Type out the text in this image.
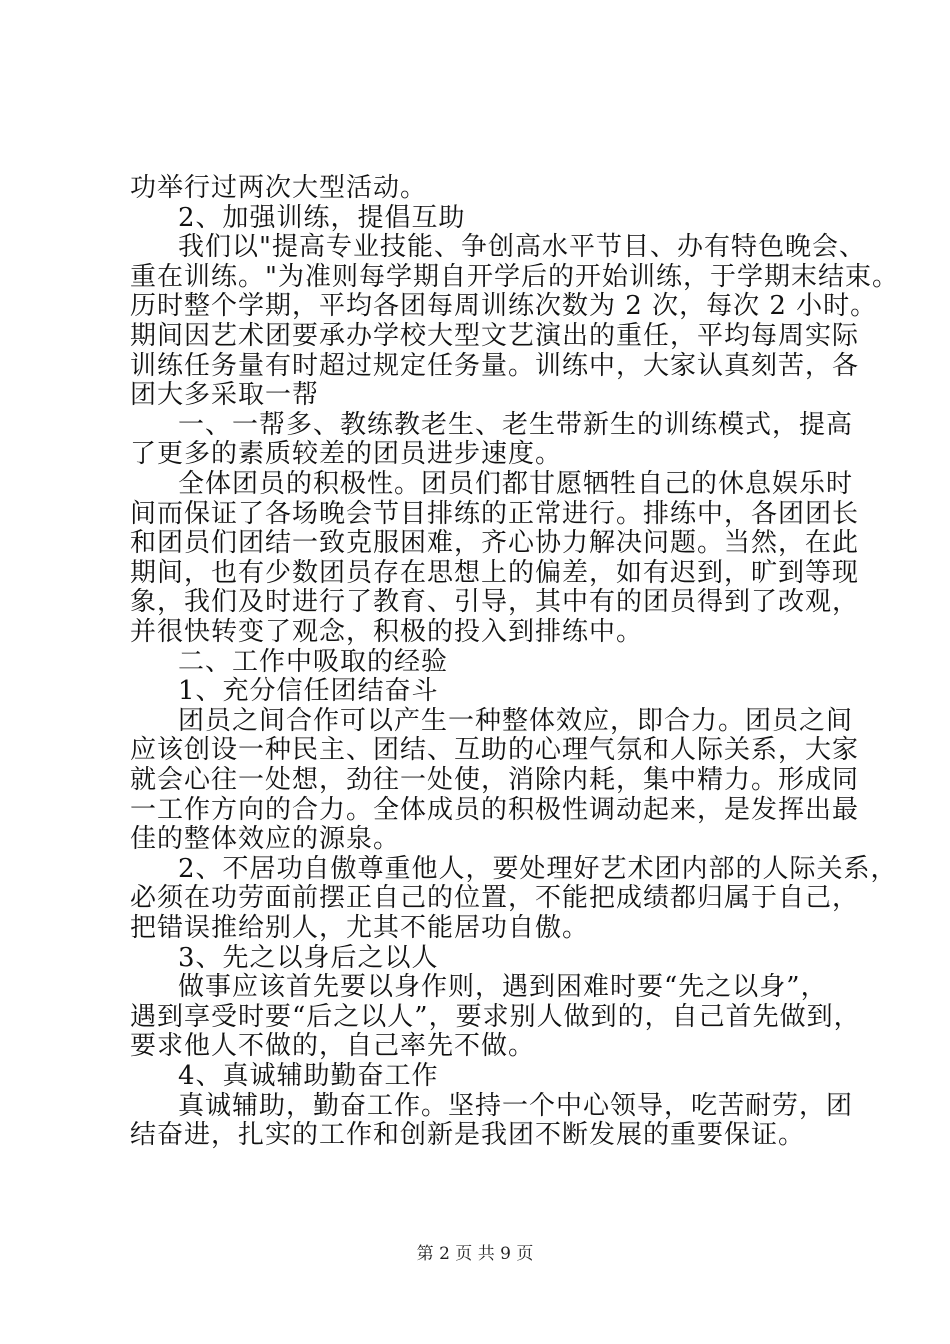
功举行过两次大型活动。
2、加强训练，提倡互助
我们以"提高专业技能、争创高水平节目、办有特色晚会、
重在训练。"为准则每学期自开学后的开始训练，于学期末结束。
历时整个学期，平均各团每周训练次数为 2 次，每次 2 小时。
期间因艺术团要承办学校大型文艺演出的重任，平均每周实际
训练任务量有时超过规定任务量。训练中，大家认真刻苦，各
团大多采取一帮
一、一帮多、教练教老生、老生带新生的训练模式，提高
了更多的素质较差的团员进步速度。
全体团员的积极性。团员们都甘愿牺牲自己的休息娱乐时
间而保证了各场晚会节目排练的正常进行。排练中，各团团长
和团员们团结一致克服困难，齐心协力解决问题。当然，在此
期间，也有少数团员存在思想上的偏差，如有迟到，旷到等现
象，我们及时进行了教育、引导，其中有的团员得到了改观，
并很快转变了观念，积极的投入到排练中。
二、工作中吸取的经验
1、充分信任团结奋斗
团员之间合作可以产生一种整体效应，即合力。团员之间
应该创设一种民主、团结、互助的心理气氛和人际关系，大家
就会心往一处想，劲往一处使，消除内耗，集中精力。形成同
一工作方向的合力。全体成员的积极性调动起来，是发挥出最
佳的整体效应的源泉。
2、不居功自傲尊重他人，要处理好艺术团内部的人际关系，
必须在功劳面前摆正自己的位置，不能把成绩都归属于自己，
把错误推给别人，尤其不能居功自傲。
3、先之以身后之以人
做事应该首先要以身作则，遇到困难时要“先之以身”，
遇到享受时要“后之以人”，要求别人做到的，自己首先做到，
要求他人不做的，自己率先不做。
4、真诚辅助勤奋工作
真诚辅助，勤奋工作。坚持一个中心领导，吃苦耐劳，团
结奋进，扎实的工作和创新是我团不断发展的重要保证。
第 2 页 共 9 页
